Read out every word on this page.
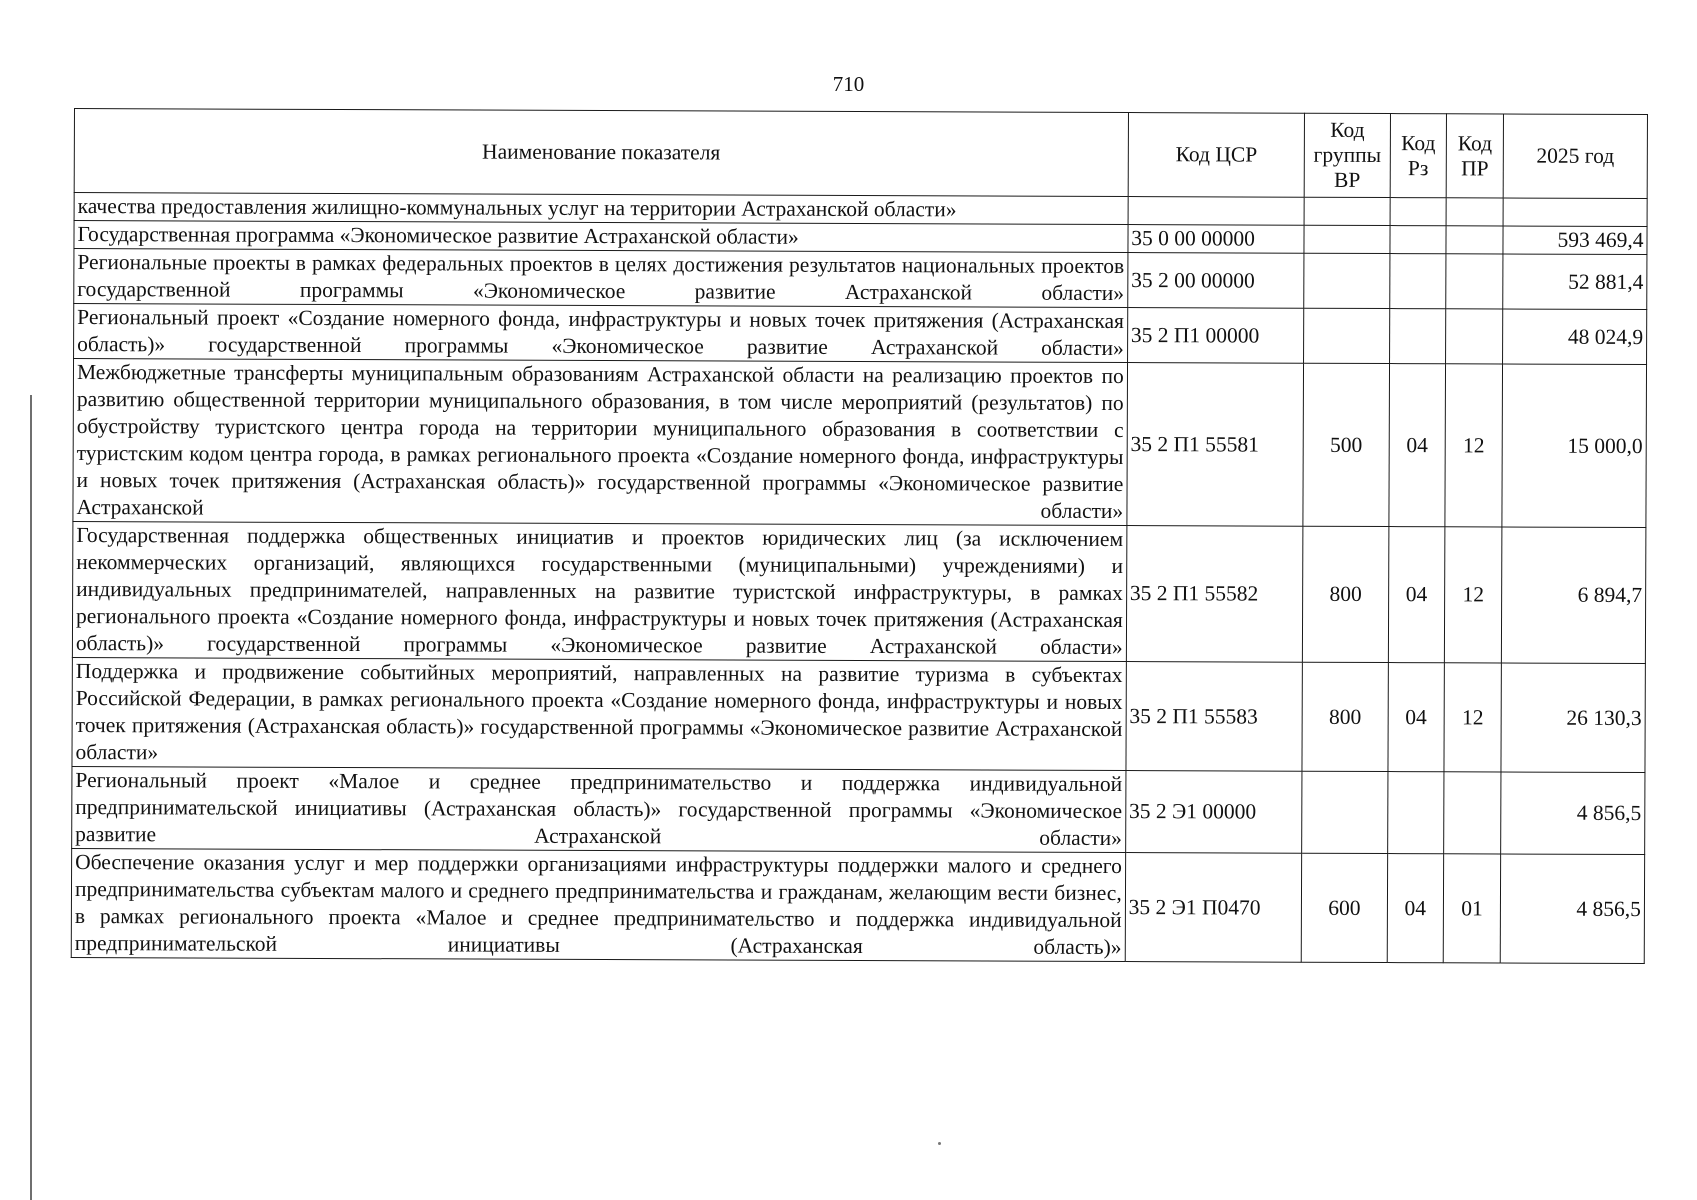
710
Наименование показателя	Код ЦСР	Код группы ВР	Код Рз	Код ПР	2025 год
качества предоставления жилищно-коммунальных услуг на территории Астраханской области»					
Государственная программа «Экономическое развитие Астраханской области»	35 0 00 00000				593 469,4
Региональные проекты в рамках федеральных проектов в целях достижения результатов национальных проектов государственной программы «Экономическое развитие Астраханской области»	35 2 00 00000				52 881,4
Региональный проект «Создание номерного фонда, инфраструктуры и новых точек притяжения (Астраханская область)» государственной программы «Экономическое развитие Астраханской области»	35 2 П1 00000				48 024,9
Межбюджетные трансферты муниципальным образованиям Астраханской области на реализацию проектов по развитию общественной территории муниципального образования, в том числе мероприятий (результатов) по обустройству туристского центра города на территории муниципального образования в соответствии с туристским кодом центра города, в рамках регионального проекта «Создание номерного фонда, инфраструктуры и новых точек притяжения (Астраханская область)» государственной программы «Экономическое развитие Астраханской области»	35 2 П1 55581	500	04	12	15 000,0
Государственная поддержка общественных инициатив и проектов юридических лиц (за исключением некоммерческих организаций, являющихся государственными (муниципальными) учреждениями) и индивидуальных предпринимателей, направленных на развитие туристской инфраструктуры, в рамках регионального проекта «Создание номерного фонда, инфраструктуры и новых точек притяжения (Астраханская область)» государственной программы «Экономическое развитие Астраханской области»	35 2 П1 55582	800	04	12	6 894,7
Поддержка и продвижение событийных мероприятий, направленных на развитие туризма в субъектах Российской Федерации, в рамках регионального проекта «Создание номерного фонда, инфраструктуры и новых точек притяжения (Астраханская область)» государственной программы «Экономическое развитие Астраханской области»	35 2 П1 55583	800	04	12	26 130,3
Региональный проект «Малое и среднее предпринимательство и поддержка индивидуальной предпринимательской инициативы (Астраханская область)» государственной программы «Экономическое развитие Астраханской области»	35 2 Э1 00000				4 856,5
Обеспечение оказания услуг и мер поддержки организациями инфраструктуры поддержки малого и среднего предпринимательства субъектам малого и среднего предпринимательства и гражданам, желающим вести бизнес, в рамках регионального проекта «Малое и среднее предпринимательство и поддержка индивидуальной предпринимательской инициативы (Астраханская область)»	35 2 Э1 П0470	600	04	01	4 856,5
